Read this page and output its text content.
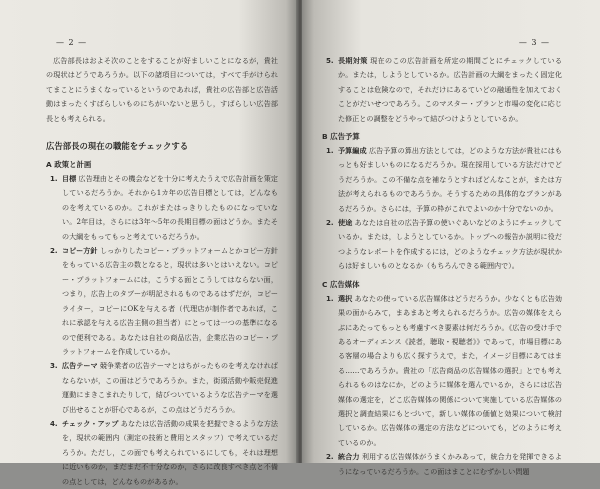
— 2 —

広告部長はおよそ次のことをすることが好ましいことになるが，貴社の現状はどうであろうか。以下の諸項目については，すべて手がけられてまことにうまくなっているというのであれば，貴社の広告部と広告活動はまったくすばらしいものにちがいないと思うし，すばらしい広告部長とも考えられる。

広告部長の現在の職能をチェックする
A 政策と計画
1. 目標 広告理由とその機会などを十分に考えたうえで広告計画を策定しているだろうか。それから1カ年の広告目標としては，どんなものを考えているのか。これがまたはっきりしたものになっていない。2年目は，さらには3年～5年の長期目標の面はどうか。またその大綱をもってもっと考えているだろうか。
2. コピー方針 しっかりしたコピー・プラットフォームとかコピー方針をもっている広告主の数となると，現状は多いとはいえない。コピー・プラットフォームには，こうする面とこうしてはならない面，つまり，広告上のタブーが明記されるものであるはずだが，コピーライター，コピーにOKを与える者（代理店が制作者であれば，これに承認を与える広告主側の担当者）にとっては一つの基準になるので便利である。あなたは自社の商品広告，企業広告のコピー・プラットフォームを作成しているか。
3. 広告テーマ 競争業者の広告テーマとはちがったものを考えなければならないが，この面はどうであろうか。また，街頭活動や販売促進運動にまきこまれたりして，結びついているような広告テーマを選び出せることが肝心であるが，この点はどうだろうか。
4. チェック・アップ あなたは広告活動の成果を把握できるような方法を，現状の範囲内（測定の技術と費用とスタッフ）で考えているだろうか。ただし，この面でも考えられているにしても，それは理想に近いものか，まだまだ不十分なのか，さらに改良すべき点と不備の点としては，どんなものがあるか。
— 3 —
5. 長期対策 現在のこの広告計画を所定の期間ごとにチェックしているか。または，しようとしているか。広告計画の大綱をまったく固定化することは危険なので，それだけにあるていどの融通性を加えておくことがだいせつであろう。このマスター・プランと市場の変化に応じた修正との調整をどうやって結びつけようとしているか。
B 広告予算
1. 予算編成 広告予算の算出方法としては，どのような方法が貴社にはもっとも好ましいものになるだろうか。現在採用している方法だけでどうだろうか。この不備な点を補なうとすればどんなことが，または方法が考えられるものであろうか。そうするための具体的なプランがあるだろうか。さらには，予算の枠がこれでよいのか十分でないのか。
2. 使途 あなたは自社の広告予算の使いぐあいなどのようにチェックしているか。または，しようとしているか。トップへの報告か説明に役だつようなレポートを作成するには，どのようなチェック方法が現状からは好ましいものとなるか（もちろんできる範囲内で）。
C 広告媒体
1. 選択 あなたの使っている広告媒体はどうだろうか。少なくとも広告効果の面からみて，まあまあと考えられるだろうか。広告の媒体をえらぶにあたってもっとも考慮すべき要素は何だろうか。《広告の受け手であるオーディエンス《読者，聴取・視聴者》》であって，市場目標にある客層の場合よりも広く探すうえで，また，イメージ目標にあてはまる……であろうか。貴社の「広告商品の広告媒体の選択」とでも考えられるものはなにか，どのように媒体を選んでいるか，さらには広告媒体の選定を，どこ広告媒体の関係について実施している広告媒体の選択と調査結果にもとづいて，新しい媒体の価値と効果について検討しているか。広告媒体の選定の方法などについても，どのように考えているのか。
2. 統合力 利用する広告媒体がうまくかみあって，統合力を発揮できるようになっているだろうか。この面はまことにむずかしい問題
